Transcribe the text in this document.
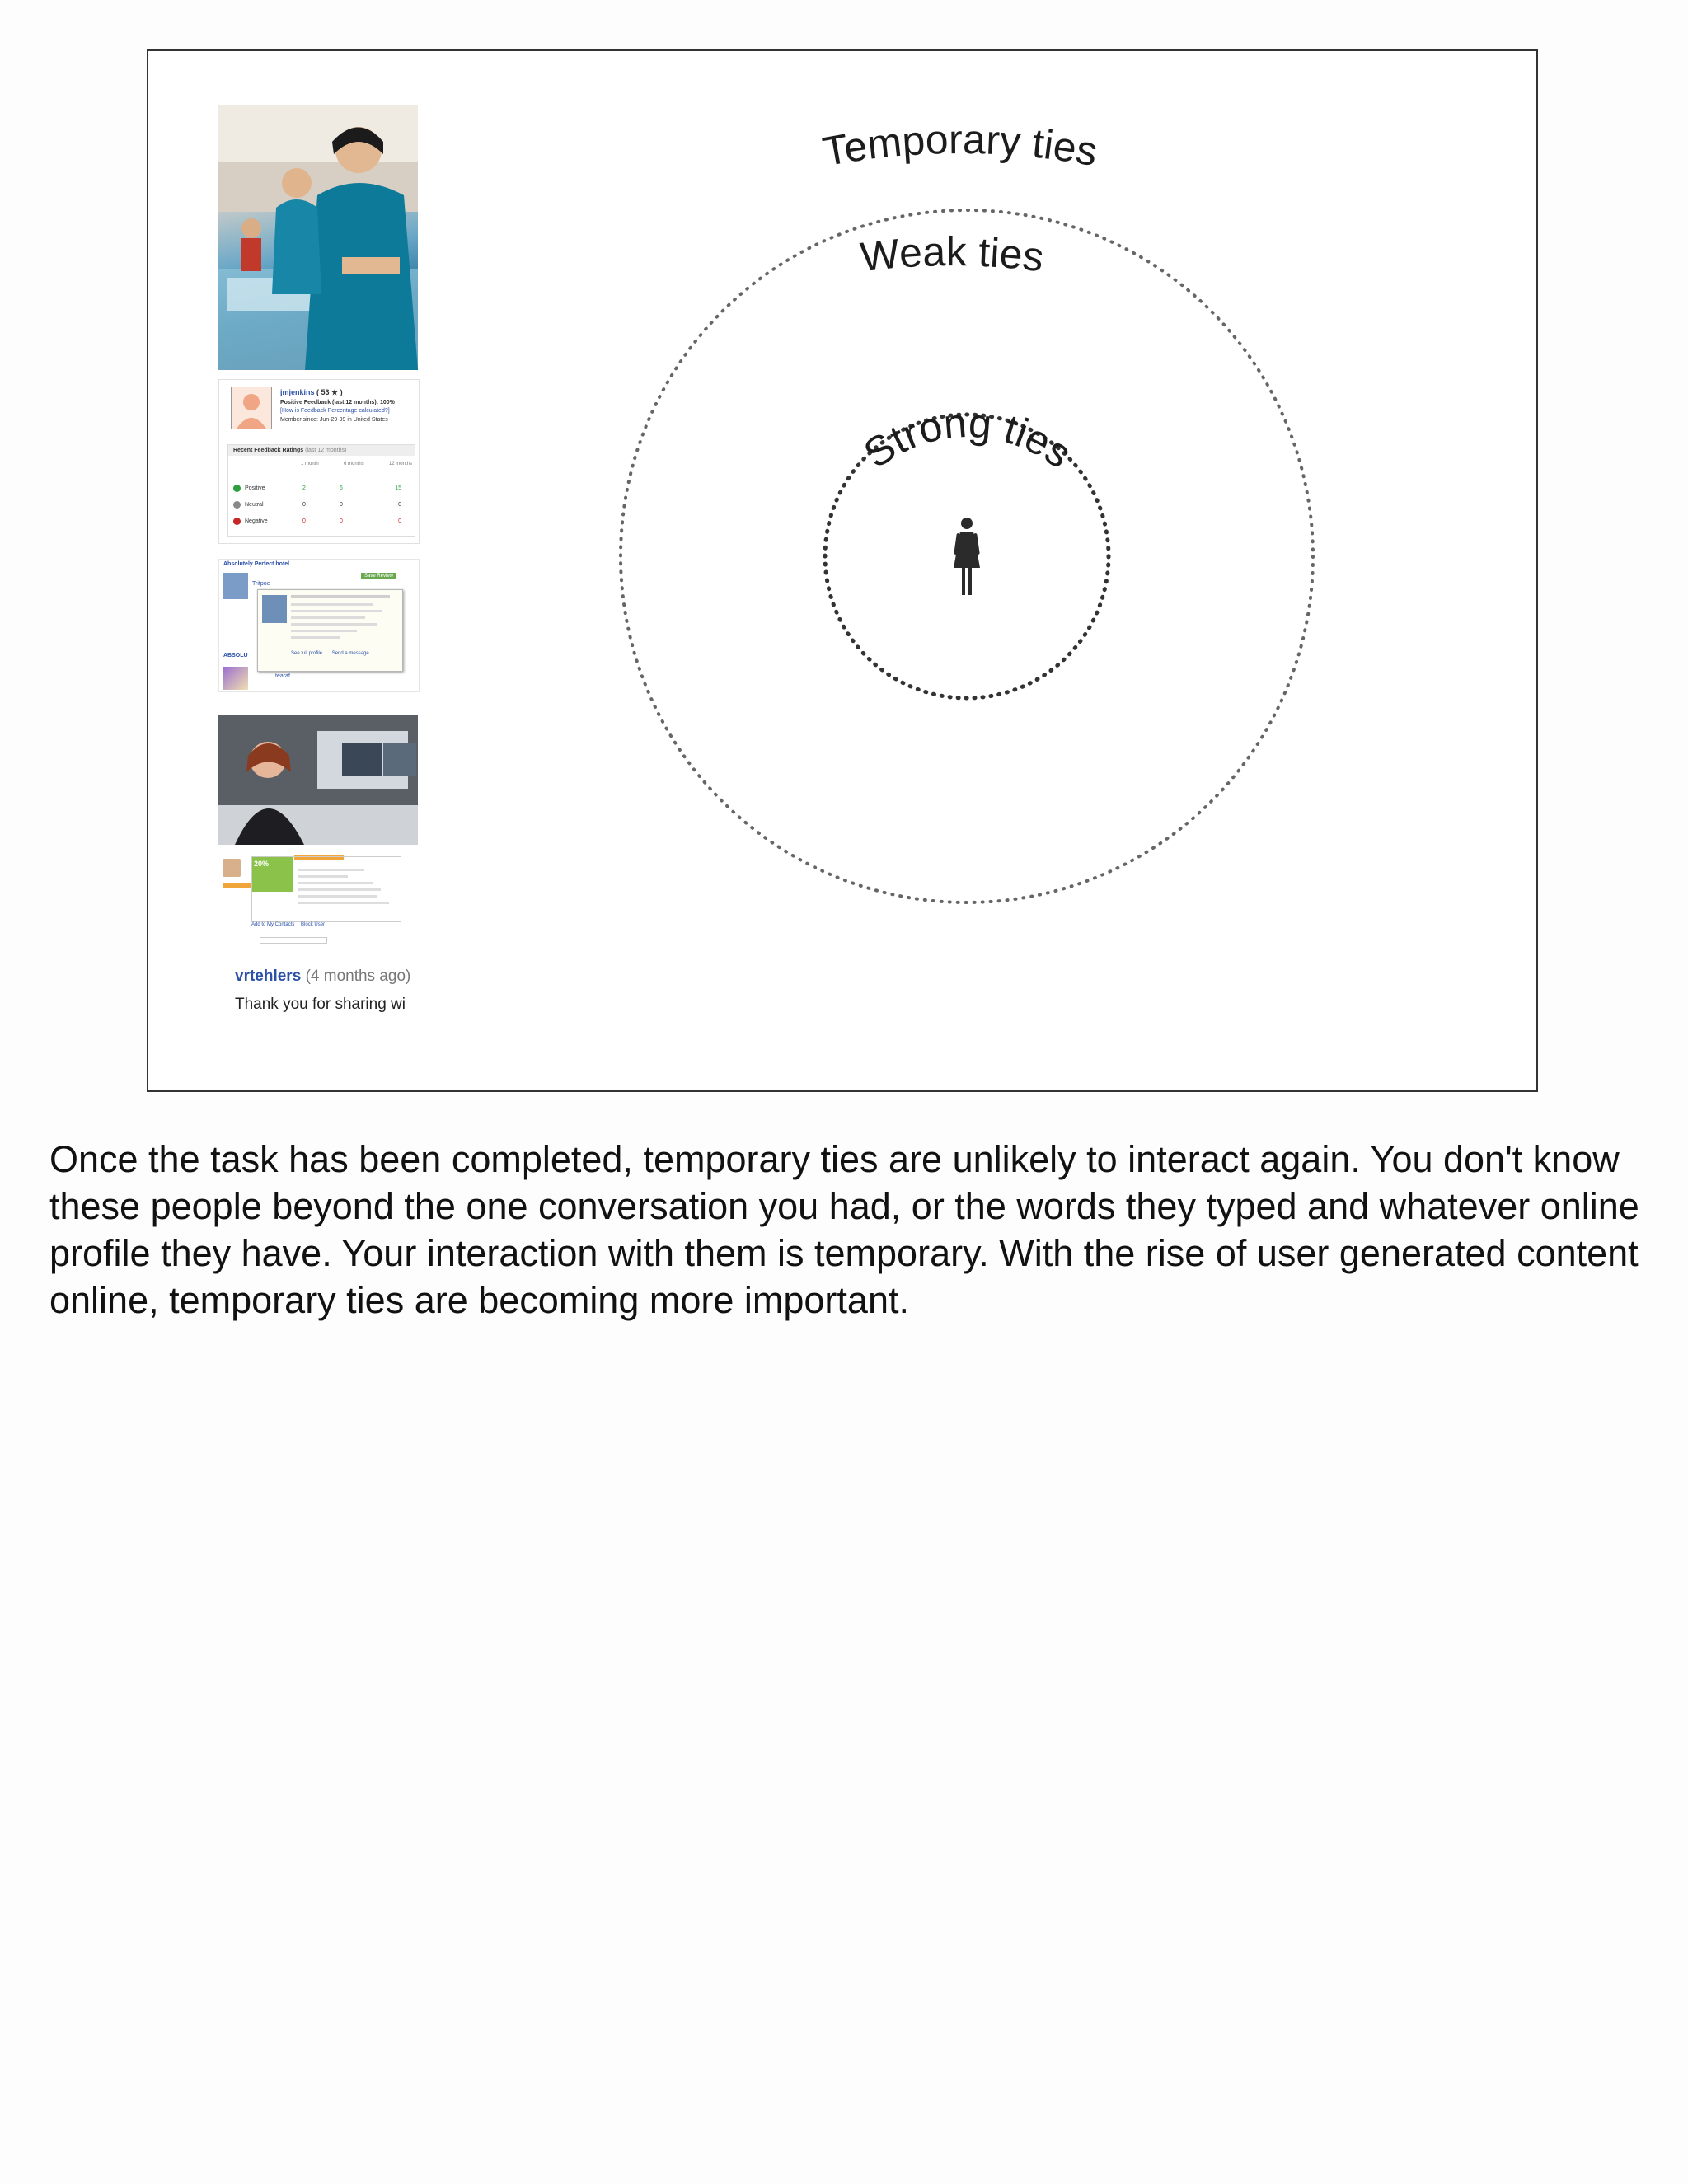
jmjenkins ( 53 ★ )
Positive Feedback (last 12 months): 100%
[How is Feedback Percentage calculated?]
Member since: Jun-29-99 in United States
Recent Feedback Ratings (last 12 months)
1 month	6 months	12 months
Positive	2	6	15
Neutral	0	0	0
Negative	0	0	0
Absolutely Perfect hotel
Save Review
Tritpoe
See full profile Send a message
ABSOLU
tearaf
20%
Add to My Contacts Block User
vrtehlers (4 months ago)
Thank you for sharing wi
Temporary ties
Weak ties
Strong ties

Once the task has been completed, temporary ties are unlikely to interact again. You don't know these people beyond the one conversation you had, or the words they typed and whatever online profile they have. Your interaction with them is temporary. With the rise of user generated content online, temporary ties are becoming more important.
